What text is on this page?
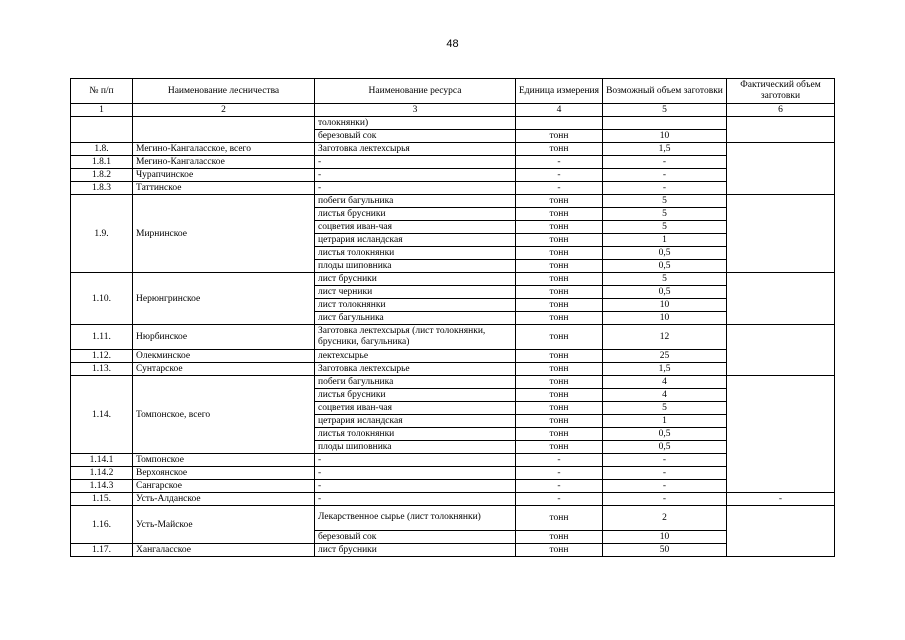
48
№ п/п	Наименование лесничества	Наименование ресурса	Единица измерения	Возможный объем заготовки	Фактический объем заготовки
1	2	3	4	5	6
		толокнянки)			
		березовый сок	тонн	10	
1.8.	Мегино-Кангаласское, всего	Заготовка лектехсырья	тонн	1,5	
1.8.1	Мегино-Кангаласское	-	-	-	
1.8.2	Чурапчинское	-	-	-	
1.8.3	Таттинское	-	-	-	
1.9.	Мирнинское	побеги багульника	тонн	5	
		листья брусники	тонн	5	
		соцветия иван-чая	тонн	5	
		цетрария исландская	тонн	1	
		листья толокнянки	тонн	0,5	
		плоды шиповника	тонн	0,5	
1.10.	Нерюнгринское	лист брусники	тонн	5	
		лист черники	тонн	0,5	
		лист толокнянки	тонн	10	
		лист багульника	тонн	10	
1.11.	Нюрбинское	Заготовка лектехсырья (лист толокнянки, брусники, багульника)	тонн	12	
1.12.	Олекминское	лектехсырье	тонн	25	
1.13.	Сунтарское	Заготовка лектехсырье	тонн	1,5	
1.14.	Томпонское, всего	побеги багульника	тонн	4	
		листья брусники	тонн	4	
		соцветия иван-чая	тонн	5	
		цетрария исландская	тонн	1	
		листья толокнянки	тонн	0,5	
		плоды шиповника	тонн	0,5	
1.14.1	Томпонское	-	-	-	
1.14.2	Верхоянское	-	-	-	
1.14.3	Сангарское	-	-	-	
1.15.	Усть-Алданское	-	-	-	-
1.16.	Усть-Майское	Лекарственное сырье (лист толокнянки)	тонн	2	
		березовый сок	тонн	10	
1.17.	Хангаласское	лист брусники	тонн	50	
